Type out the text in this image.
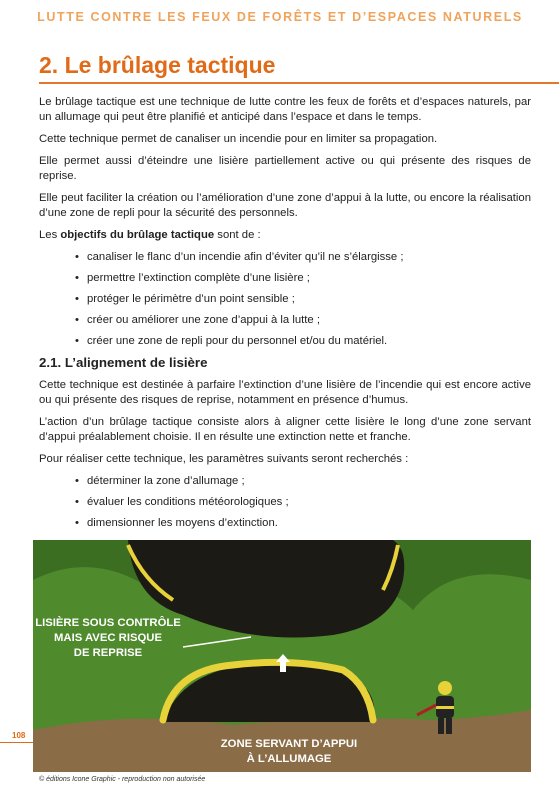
LUTTE CONTRE LES FEUX DE FORÊTS ET D’ESPACES NATURELS
2. Le brûlage tactique

Le brûlage tactique est une technique de lutte contre les feux de forêts et d’espaces naturels, par un allumage qui peut être planifié et anticipé dans l’espace et dans le temps.

Cette technique permet de canaliser un incendie pour en limiter sa propagation.

Elle permet aussi d’éteindre une lisière partiellement active ou qui présente des risques de reprise.

Elle peut faciliter la création ou l’amélioration d’une zone d’appui à la lutte, ou encore la réalisation d’une zone de repli pour la sécurité des personnels.

Les objectifs du brûlage tactique sont de :

• canaliser le flanc d’un incendie afin d’éviter qu’il ne s’élargisse ;
• permettre l’extinction complète d’une lisière ;
• protéger le périmètre d’un point sensible ;
• créer ou améliorer une zone d’appui à la lutte ;
• créer une zone de repli pour du personnel et/ou du matériel.
2.1. L’alignement de lisière

Cette technique est destinée à parfaire l’extinction d’une lisière de l’incendie qui est encore active ou qui présente des risques de reprise, notamment en présence d’humus.

L’action d’un brûlage tactique consiste alors à aligner cette lisière le long d’une zone servant d’appui préalablement choisie. Il en résulte une extinction nette et franche.

Pour réaliser cette technique, les paramètres suivants seront recherchés :

• déterminer la zone d’allumage ;
• évaluer les conditions météorologiques ;
• dimensionner les moyens d’extinction.
LISIÈRE SOUS CONTRÔLE
MAIS AVEC RISQUE
DE REPRISE
ZONE SERVANT D’APPUI
À L’ALLUMAGE
108
© éditions Icone Graphic - reproduction non autorisée
